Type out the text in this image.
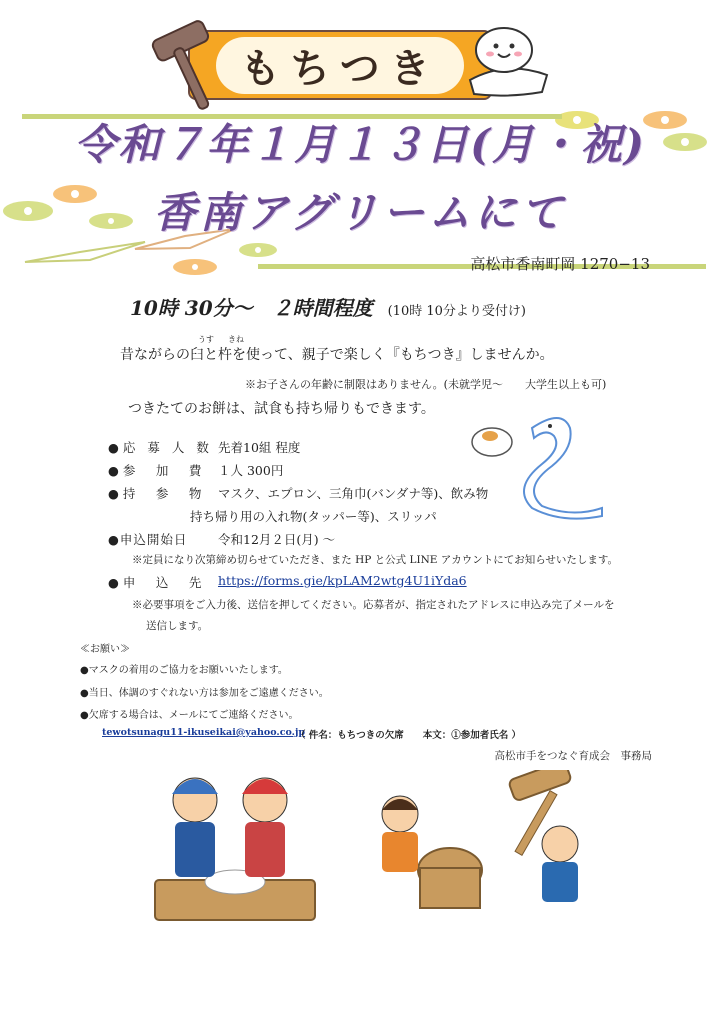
もちつき
令和７年１月１３日(月・祝)
香南アグリームにて
高松市香南町岡 1270−13
10時 30分〜　２時間程度 (10時 10分より受付け)
うす きね
昔ながらの臼と杵を使って、親子で楽しく『もちつき』しませんか。
※お子さんの年齢に制限はありません。(未就学児〜　　大学生以上も可)
つきたてのお餅は、試食も持ち帰りもできます。
●応 募 人 数 先着10組 程度
●参　加　費	１人 300円
●持　参　物	マスク、エプロン、三角巾(バンダナ等)、飲み物
持ち帰り用の入れ物(タッパー等)、スリッパ
●申込開始日	令和12月２日(月) 〜
※定員になり次第締め切らせていただき、また HP と公式 LINE アカウントにてお知らせいたします。
●申　込　先	https://forms.gie/kpLAM2wtg4U1iYda6
※必要事項をご入力後、送信を押してください。応募者が、指定されたアドレスに申込み完了メールを
送信します。
≪お願い≫
●マスクの着用のご協力をお願いいたします。
●当日、体調のすぐれない方は参加をご遠慮ください。
●欠席する場合は、メールにてご連絡ください。
tewotsunagu11-ikuseikai@yahoo.co.jp
（ 件名：もちつきの欠席　　本文：①参加者氏名 ）
高松市手をつなぐ育成会　事務局
